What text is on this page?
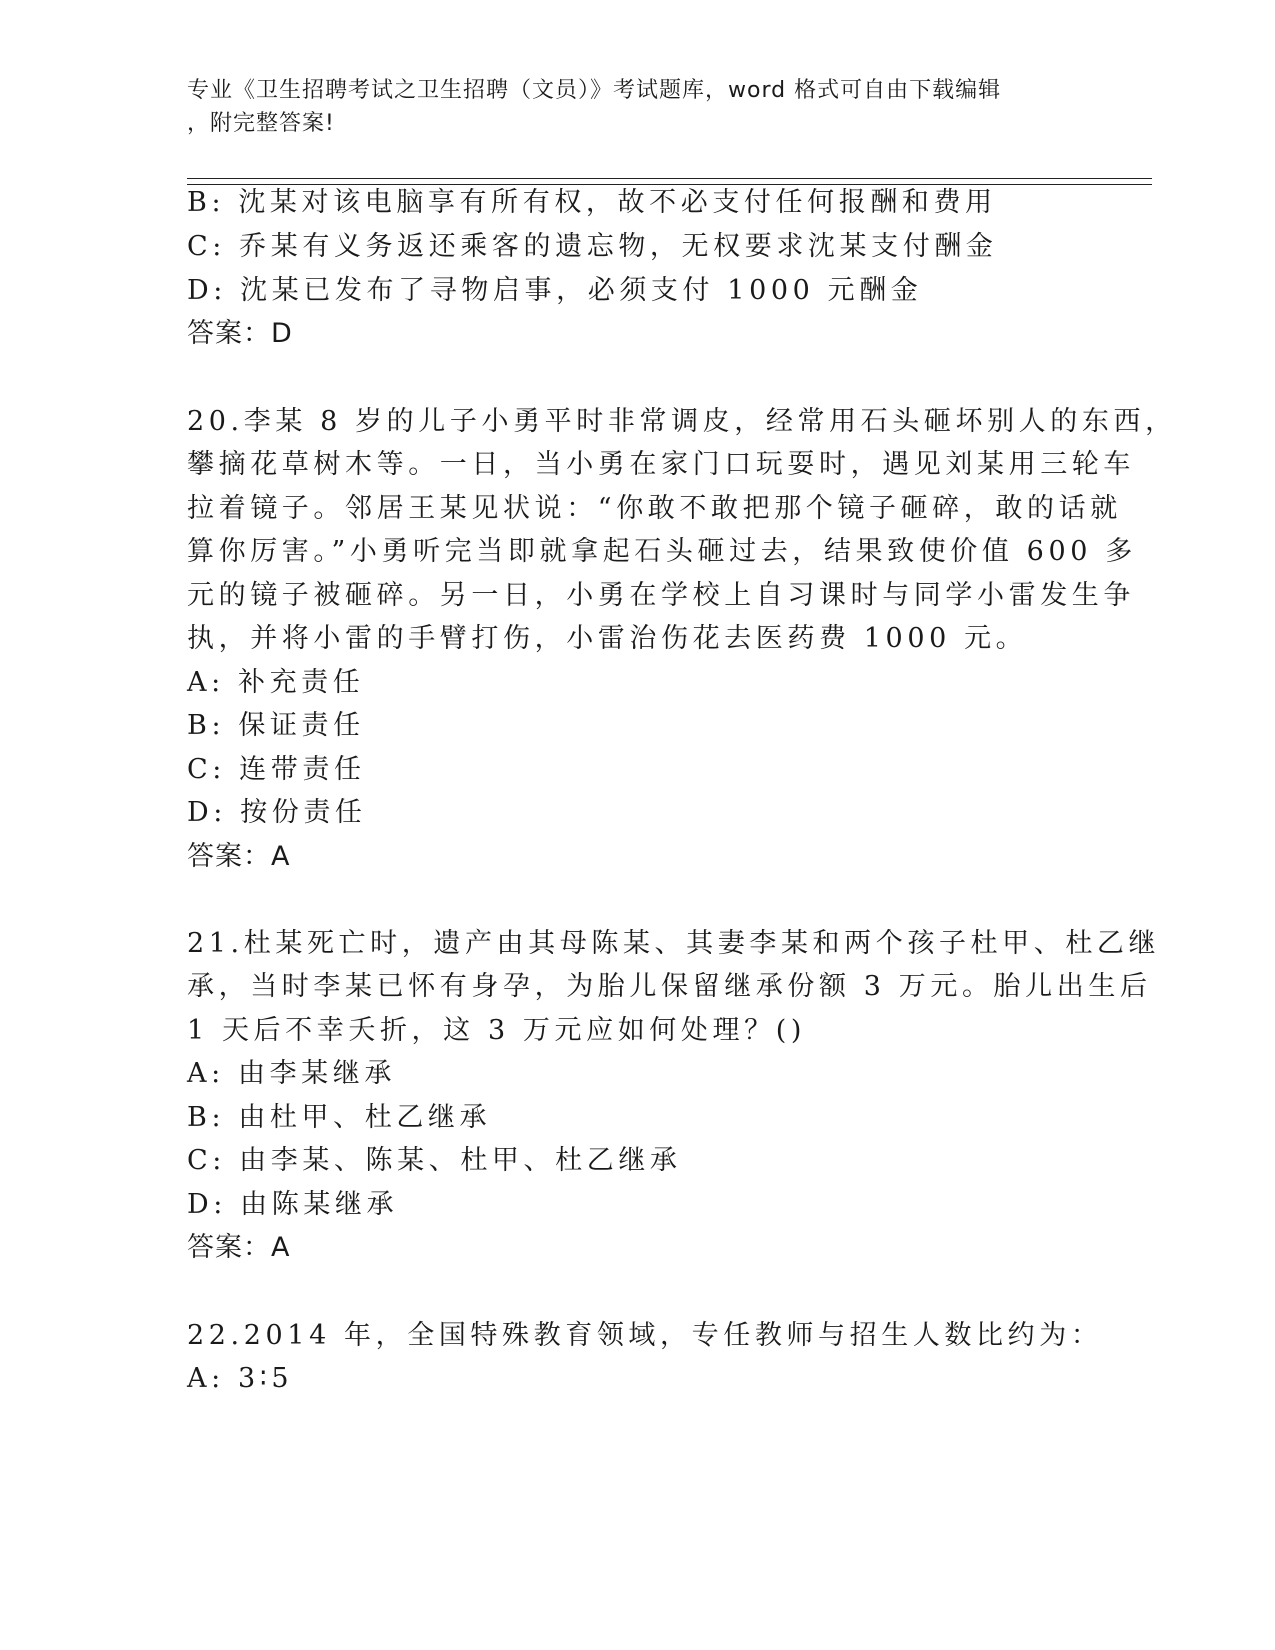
专业《卫生招聘考试之卫生招聘（文员）》考试题库，word 格式可自由下载编辑
，附完整答案!
B: 沈某对该电脑享有所有权，故不必支付任何报酬和费用
C: 乔某有义务返还乘客的遗忘物，无权要求沈某支付酬金
D: 沈某已发布了寻物启事，必须支付 1000 元酬金
答案：D
20.李某 8 岁的儿子小勇平时非常调皮，经常用石头砸坏别人的东西，
攀摘花草树木等。一日，当小勇在家门口玩耍时，遇见刘某用三轮车
拉着镜子。邻居王某见状说：“你敢不敢把那个镜子砸碎，敢的话就
算你厉害。”小勇听完当即就拿起石头砸过去，结果致使价值 600 多
元的镜子被砸碎。另一日，小勇在学校上自习课时与同学小雷发生争
执，并将小雷的手臂打伤，小雷治伤花去医药费 1000 元。
A: 补充责任
B: 保证责任
C: 连带责任
D: 按份责任
答案：A
21.杜某死亡时，遗产由其母陈某、其妻李某和两个孩子杜甲、杜乙继
承，当时李某已怀有身孕，为胎儿保留继承份额 3 万元。胎儿出生后
1 天后不幸夭折，这 3 万元应如何处理？()
A: 由李某继承
B: 由杜甲、杜乙继承
C: 由李某、陈某、杜甲、杜乙继承
D: 由陈某继承
答案：A
22.2014 年，全国特殊教育领域，专任教师与招生人数比约为：
A: 3∶5
